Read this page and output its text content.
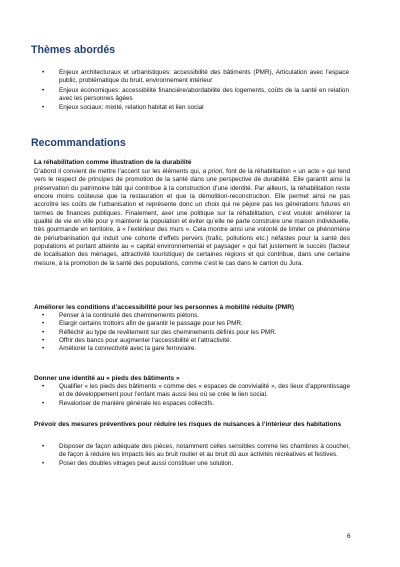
Thèmes abordés
• Enjeux architecturaux et urbanistiques: accessibilité des bâtiments (PMR), Articulation avec l’espace public, problématique du bruit, environnement intérieur
• Enjeux économiques: accessibilité financière/abordabilité des logements, coûts de la santé en relation avec les personnes âgées
• Enjeux sociaux: mixité, relation habitat et lien social
Recommandations
La réhabilitation comme illustration de la durabilité

D’abord il convient de mettre l’accent sur les éléments qui, a priori, font de la réhabilitation « un acte » qui tend vers le respect de principes de promotion de la santé dans une perspective de durabilité. Elle garantit ainsi la préservation du patrimoine bâti qui contribue à la construction d’une identité. Par ailleurs, la réhabilitation reste encore moins coûteuse que la restauration et que la démolition-reconstruction. Elle permet ainsi ne pas accroître les coûts de l’urbanisation et représente donc un choix qui ne pèjore pas les générations futures en termes de finances publiques. Finalement, axer une politique sur la réhabilitation, c’est vouloir améliorer la qualité de vie en ville pour y maintenir la population et éviter qu’elle ne parte construire une maison individuelle, très gourmande en territoire, à « l’extérieur des murs ». Cela montre ainsi une volonté de limiter ce phénomène de périurbanisation qui induit une cohorte d’effets pervers (trafic, pollutions etc.) néfastes pour la santé des populations et portant atteinte au « capital environnemental et paysager » qui fait justement le succès (facteur de localisation des ménages, attractivité touristique) de certaines régions et qui contribue, dans une certaine mesure, à la promotion de la santé des populations, comme c’est le cas dans le canton du Jura.

Améliorer les conditions d’accessibilité pour les personnes à mobilité réduite (PMR)
• Penser à la continuité des cheminements piétons.
• Elargir certains trottoirs afin de garantir le passage pour les PMR.
• Réfléchir au type de revêtement sur des cheminements définis pour les PMR.
• Offrir des bancs pour augmenter l’accessibilité et l’attractivité.
• Améliorer la connectivité avec la gare ferroviaire.
Donner une identité au « pieds des bâtiments »
• Qualifier « les pieds des bâtiments » comme des « espaces de convivialité », des lieux d’apprentissage et de développement pour l’enfant mais aussi lieu où se crée le lien social.
• Revaloriser de manière générale les espaces collectifs.
Prévoir des mesures préventives pour réduire les risques de nuisances à l’intérieur des habitations
• Disposer de façon adéquate des pièces, notamment celles sensibles comme les chambres à coucher, de façon à réduire les impacts liés au bruit routier et au bruit dû aux activités récréatives et festives.
• Poser des doubles vitrages peut aussi constituer une solution.
6
